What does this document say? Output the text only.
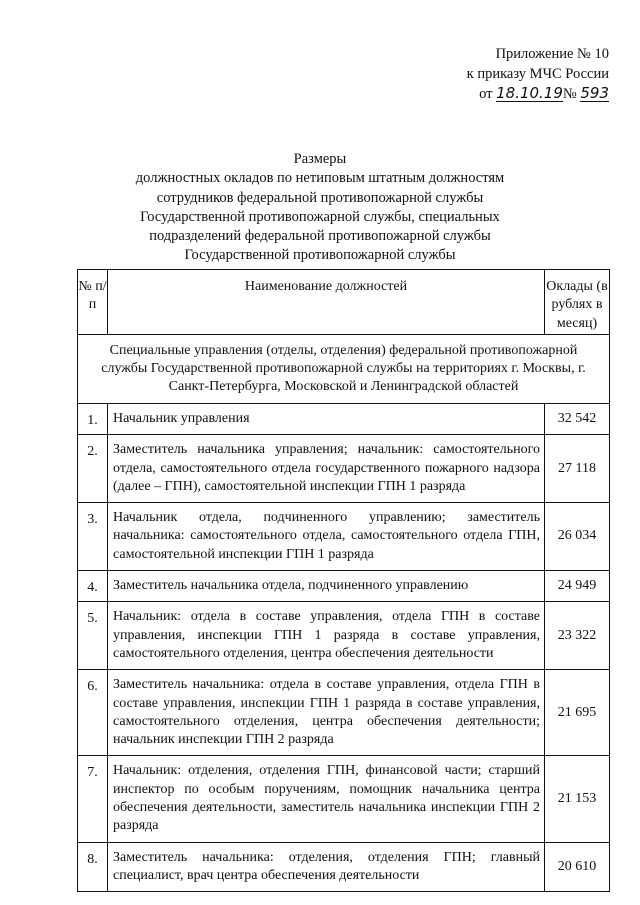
Приложение № 10
к приказу МЧС России
от 18.10.19№ 593
Размеры
должностных окладов по нетиповым штатным должностям
сотрудников федеральной противопожарной службы
Государственной противопожарной службы, специальных
подразделений федеральной противопожарной службы
Государственной противопожарной службы
№ п/п	Наименование должностей	Оклады (в рублях в месяц)
Специальные управления (отделы, отделения) федеральной противопожарной службы Государственной противопожарной службы на территориях г. Москвы, г. Санкт-Петербурга, Московской и Ленинградской областей		
1.	Начальник управления	32 542
2.	Заместитель начальника управления; начальник: самостоятельного отдела, самостоятельного отдела государственного пожарного надзора (далее – ГПН), самостоятельной инспекции ГПН 1 разряда	27 118
3.	Начальник отдела, подчиненного управлению; заместитель начальника: самостоятельного отдела, самостоятельного отдела ГПН, самостоятельной инспекции ГПН 1 разряда	26 034
4.	Заместитель начальника отдела, подчиненного управлению	24 949
5.	Начальник: отдела в составе управления, отдела ГПН в составе управления, инспекции ГПН 1 разряда в составе управления, самостоятельного отделения, центра обеспечения деятельности	23 322
6.	Заместитель начальника: отдела в составе управления, отдела ГПН в составе управления, инспекции ГПН 1 разряда в составе управления, самостоятельного отделения, центра обеспечения деятельности; начальник инспекции ГПН 2 разряда	21 695
7.	Начальник: отделения, отделения ГПН, финансовой части; старший инспектор по особым поручениям, помощник начальника центра обеспечения деятельности, заместитель начальника инспекции ГПН 2 разряда	21 153
8.	Заместитель начальника: отделения, отделения ГПН; главный специалист, врач центра обеспечения деятельности	20 610
